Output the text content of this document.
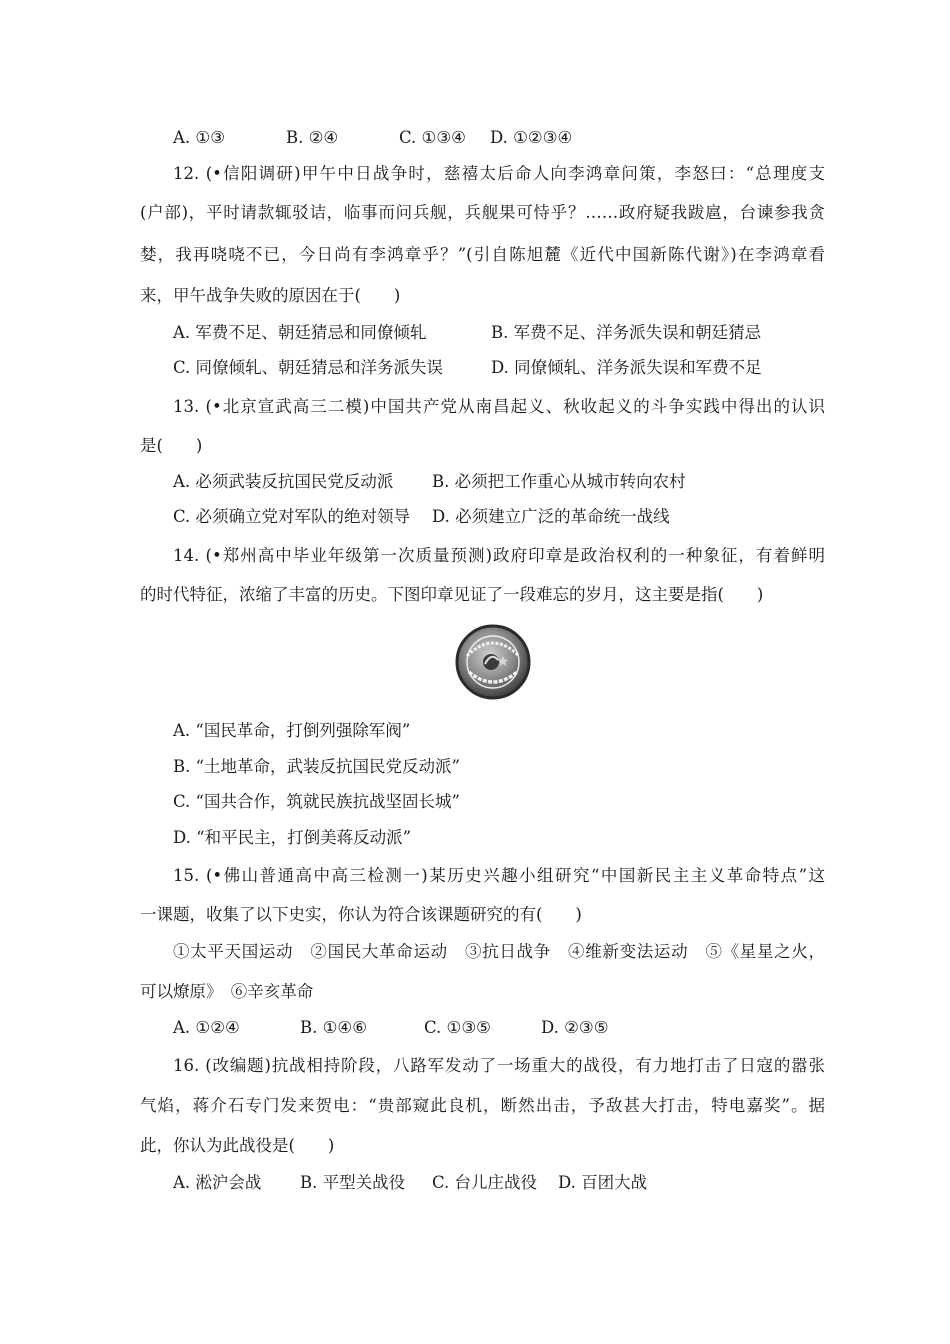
A. ①③	B. ②④	C. ①③④ D. ①②③④
12. (•信阳调研)甲午中日战争时，慈禧太后命人向李鸿章问策，李怒曰：“总理度支
(户部)，平时请款辄驳诘，临事而问兵舰，兵舰果可恃乎？……政府疑我跋扈，台谏参我贪
婪，我再哓哓不已，今日尚有李鸿章乎？”(引自陈旭麓《近代中国新陈代谢》)在李鸿章看
来，甲午战争失败的原因在于(　　)
A. 军费不足、朝廷猜忌和同僚倾轧	B. 军费不足、洋务派失误和朝廷猜忌
C. 同僚倾轧、朝廷猜忌和洋务派失误	D. 同僚倾轧、洋务派失误和军费不足
13. (•北京宣武高三二模)中国共产党从南昌起义、秋收起义的斗争实践中得出的认识
是(　　)
A. 必须武装反抗国民党反动派 B. 必须把工作重心从城市转向农村
C. 必须确立党对军队的绝对领导 D. 必须建立广泛的革命统一战线
14. (•郑州高中毕业年级第一次质量预测)政府印章是政治权利的一种象征，有着鲜明
的时代特征，浓缩了丰富的历史。下图印章见证了一段难忘的岁月，这主要是指(　　)
A. “国民革命，打倒列强除军阀”
B. “土地革命，武装反抗国民党反动派”
C. “国共合作，筑就民族抗战坚固长城”
D. “和平民主，打倒美蒋反动派”
15. (•佛山普通高中高三检测一)某历史兴趣小组研究“中国新民主主义革命特点”这
一课题，收集了以下史实，你认为符合该课题研究的有(　　)
①太平天国运动　②国民大革命运动　③抗日战争　④维新变法运动　⑤《星星之火，
可以燎原》　⑥辛亥革命
A. ①②④	B. ①④⑥	C. ①③⑤	D. ②③⑤
16. (改编题)抗战相持阶段，八路军发动了一场重大的战役，有力地打击了日寇的嚣张
气焰，蒋介石专门发来贺电：“贵部窥此良机，断然出击，予敌甚大打击，特电嘉奖”。据
此，你认为此战役是(　　)
A. 淞沪会战 B. 平型关战役 C. 台儿庄战役 D. 百团大战
